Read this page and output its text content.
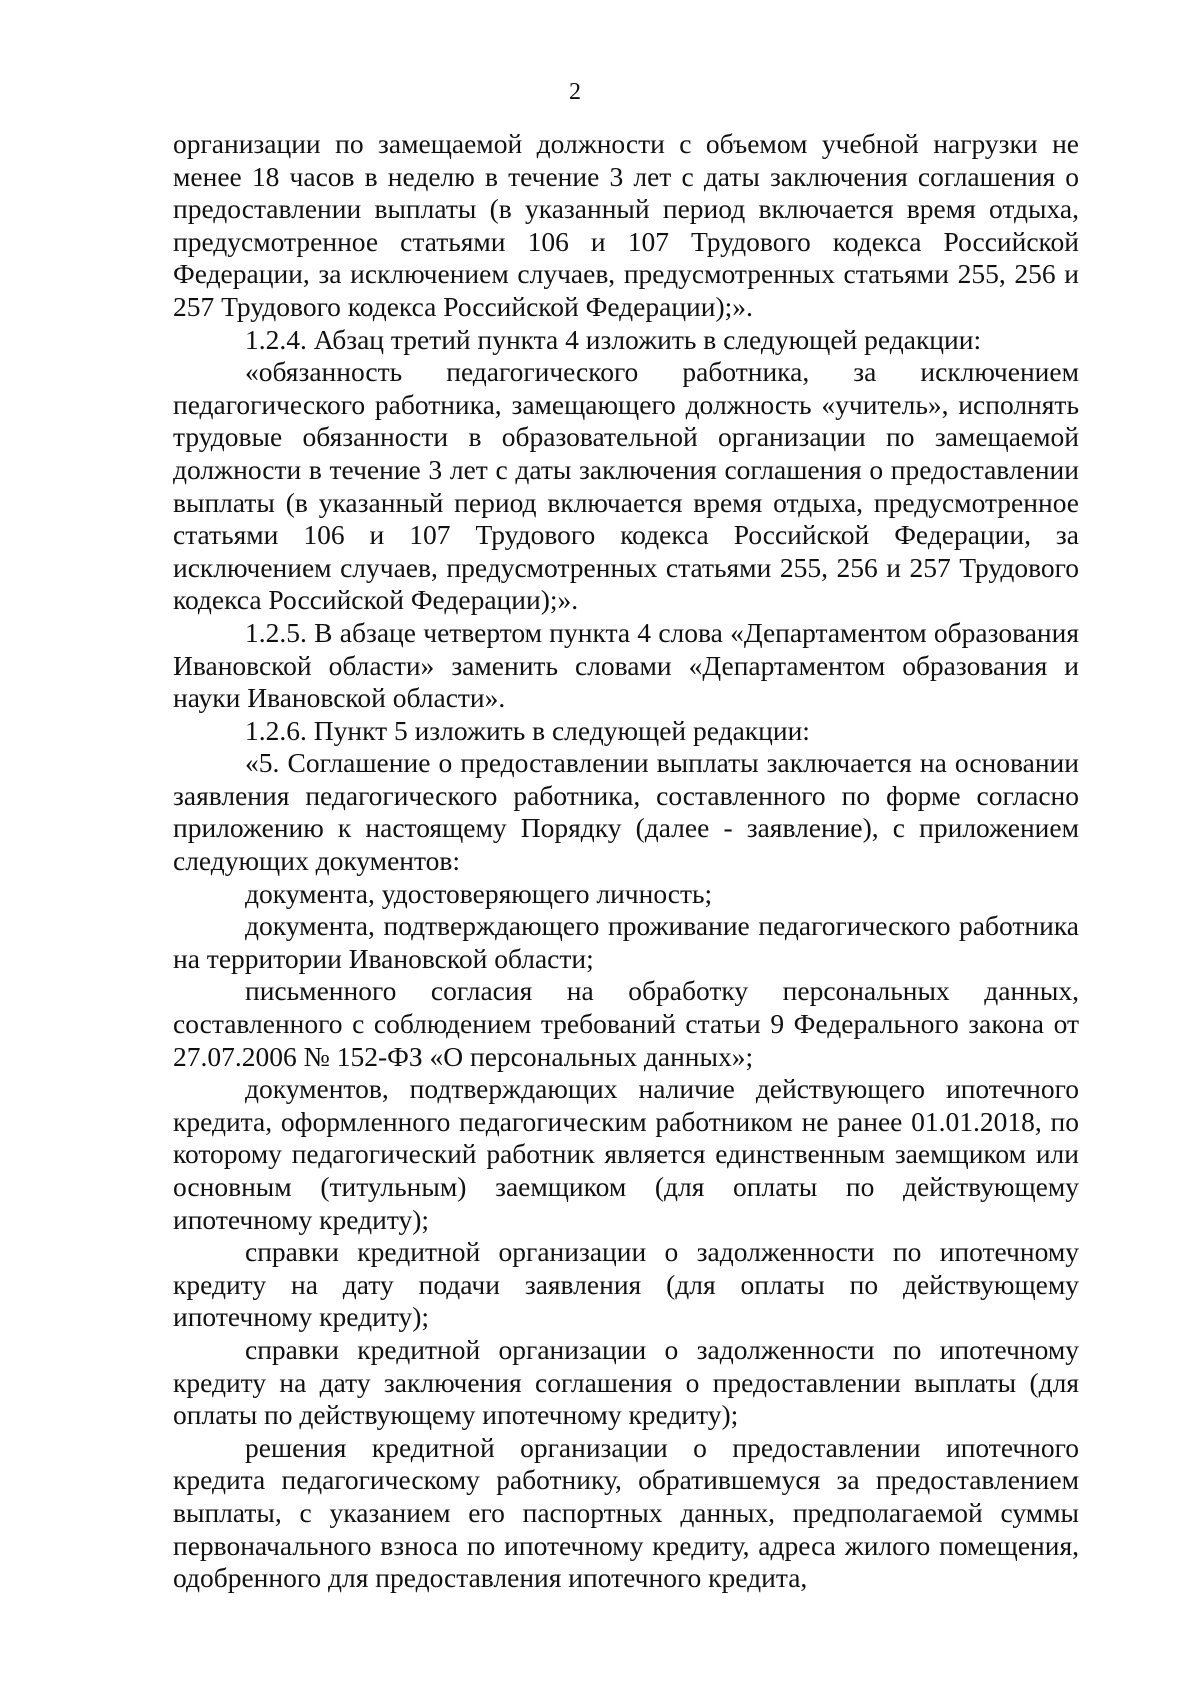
2

организации по замещаемой должности с объемом учебной нагрузки не менее 18 часов в неделю в течение 3 лет с даты заключения соглашения о предоставлении выплаты (в указанный период включается время отдыха, предусмотренное статьями 106 и 107 Трудового кодекса Российской Федерации, за исключением случаев, предусмотренных статьями 255, 256 и 257 Трудового кодекса Российской Федерации);».

1.2.4. Абзац третий пункта 4 изложить в следующей редакции:

«обязанность педагогического работника, за исключением педагогического работника, замещающего должность «учитель», исполнять трудовые обязанности в образовательной организации по замещаемой должности в течение 3 лет с даты заключения соглашения о предоставлении выплаты (в указанный период включается время отдыха, предусмотренное статьями 106 и 107 Трудового кодекса Российской Федерации, за исключением случаев, предусмотренных статьями 255, 256 и 257 Трудового кодекса Российской Федерации);».

1.2.5. В абзаце четвертом пункта 4 слова «Департаментом образования Ивановской области» заменить словами «Департаментом образования и науки Ивановской области».

1.2.6. Пункт 5 изложить в следующей редакции:

«5. Соглашение о предоставлении выплаты заключается на основании заявления педагогического работника, составленного по форме согласно приложению к настоящему Порядку (далее - заявление), с приложением следующих документов:

документа, удостоверяющего личность;

документа, подтверждающего проживание педагогического работника на территории Ивановской области;

письменного согласия на обработку персональных данных, составленного с соблюдением требований статьи 9 Федерального закона от 27.07.2006 № 152-ФЗ «О персональных данных»;

документов, подтверждающих наличие действующего ипотечного кредита, оформленного педагогическим работником не ранее 01.01.2018, по которому педагогический работник является единственным заемщиком или основным (титульным) заемщиком (для оплаты по действующему ипотечному кредиту);

справки кредитной организации о задолженности по ипотечному кредиту на дату подачи заявления (для оплаты по действующему ипотечному кредиту);

справки кредитной организации о задолженности по ипотечному кредиту на дату заключения соглашения о предоставлении выплаты (для оплаты по действующему ипотечному кредиту);

решения кредитной организации о предоставлении ипотечного кредита педагогическому работнику, обратившемуся за предоставлением выплаты, с указанием его паспортных данных, предполагаемой суммы первоначального взноса по ипотечному кредиту, адреса жилого помещения, одобренного для предоставления ипотечного кредита,
